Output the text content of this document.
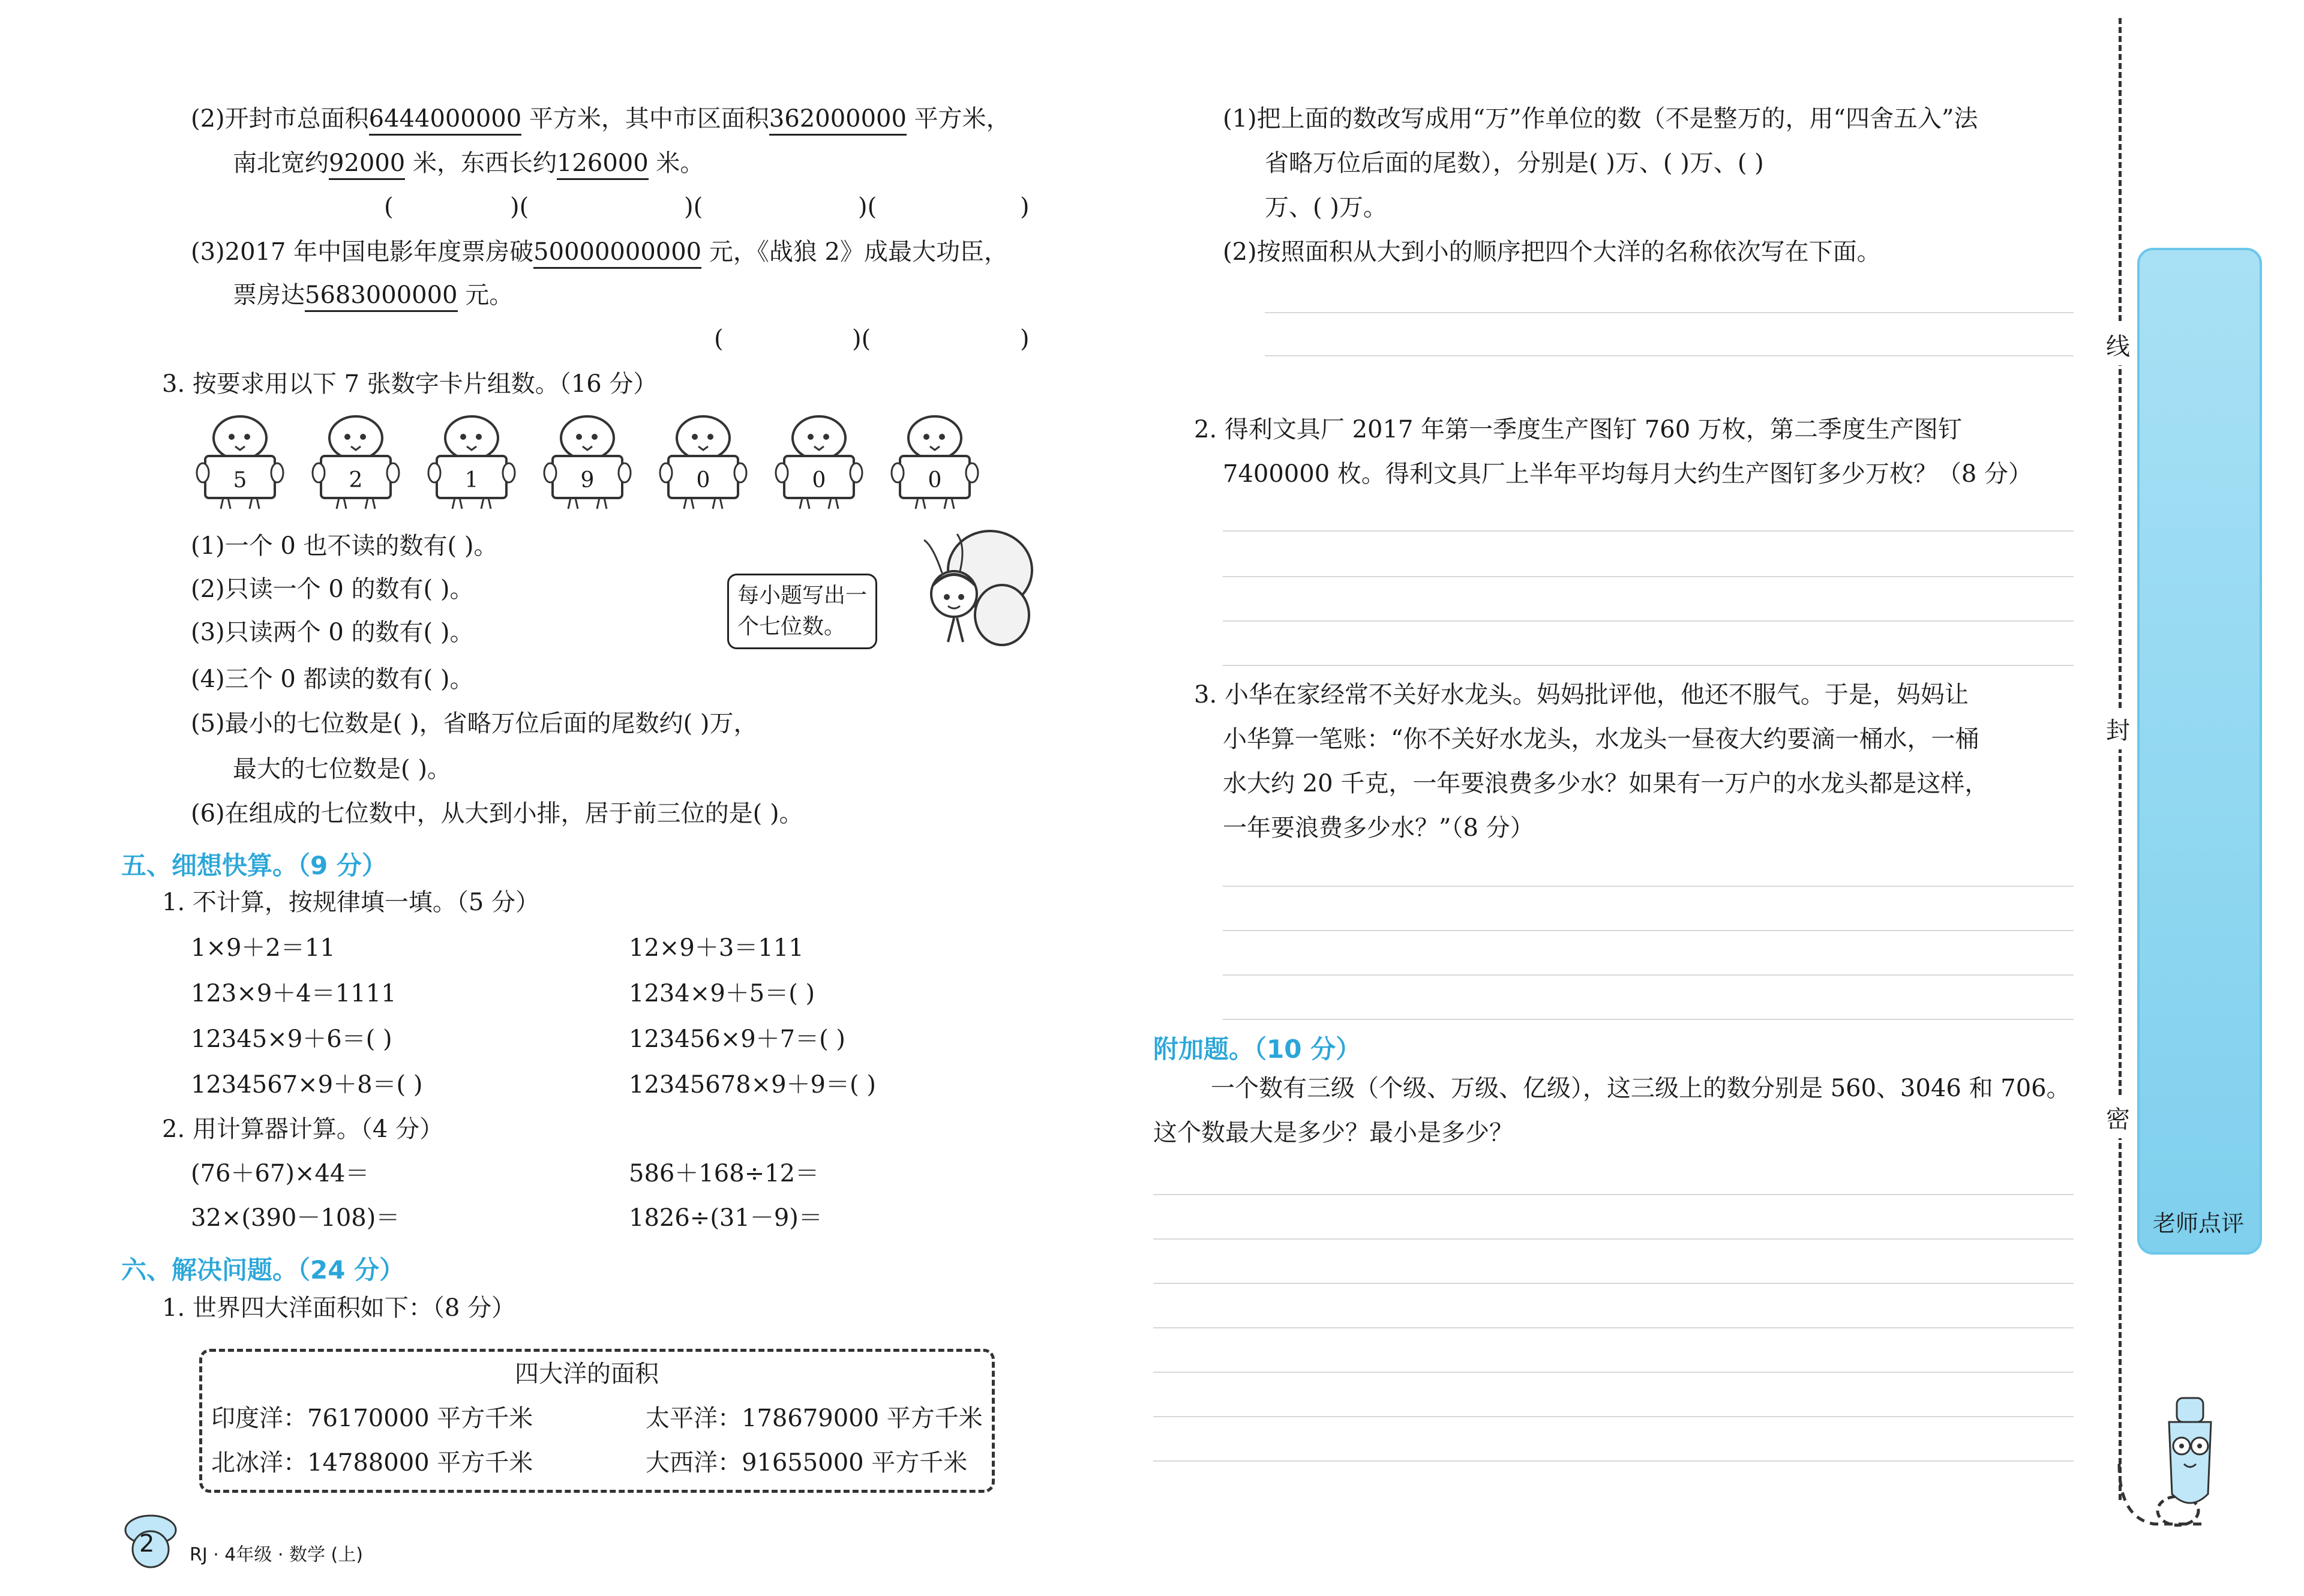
(2)开封市总面积6444000000 平方米，其中市区面积362000000 平方米，
南北宽约92000 米，东西长约126000 米。
(	)(	)(	)(	)
(3)2017 年中国电影年度票房破50000000000 元，《战狼 2》成最大功臣，
票房达5683000000 元。
(	)(	)
3. 按要求用以下 7 张数字卡片组数。（16 分）
5	2	1	9	0	0	0
(1)一个 0 也不读的数有( )。
(2)只读一个 0 的数有( )。
(3)只读两个 0 的数有( )。
(4)三个 0 都读的数有( )。
(5)最小的七位数是( )，省略万位后面的尾数约( )万，
最大的七位数是( )。
(6)在组成的七位数中，从大到小排，居于前三位的是( )。
每小题写出一
个七位数。
五、细想快算。（9 分）
1. 不计算，按规律填一填。（5 分）
1×9＋2＝11	12×9＋3＝111
123×9＋4＝1111	1234×9＋5＝( )
12345×9＋6＝( )	123456×9＋7＝( )
1234567×9＋8＝( )	12345678×9＋9＝( )
2. 用计算器计算。（4 分）
(76＋67)×44＝	586＋168÷12＝
32×(390－108)＝	1826÷(31－9)＝
六、解决问题。（24 分）
1. 世界四大洋面积如下：（8 分）
四大洋的面积
印度洋：76170000 平方千米	太平洋：178679000 平方千米
北冰洋：14788000 平方千米	大西洋：91655000 平方千米
2 RJ · 4年级 · 数学 (上)
(1)把上面的数改写成用“万”作单位的数（不是整万的，用“四舍五入”法
省略万位后面的尾数），分别是( )万、( )万、( )
万、( )万。
(2)按照面积从大到小的顺序把四个大洋的名称依次写在下面。
2. 得利文具厂 2017 年第一季度生产图钉 760 万枚，第二季度生产图钉
7400000 枚。得利文具厂上半年平均每月大约生产图钉多少万枚？（8 分）
3. 小华在家经常不关好水龙头。妈妈批评他，他还不服气。于是，妈妈让
小华算一笔账：“你不关好水龙头，水龙头一昼夜大约要滴一桶水，一桶
水大约 20 千克，一年要浪费多少水？如果有一万户的水龙头都是这样，
一年要浪费多少水？”（8 分）
附加题。（10 分）
一个数有三级（个级、万级、亿级），这三级上的数分别是 560、3046 和 706。
这个数最大是多少？最小是多少？
线
封
密
老师点评
